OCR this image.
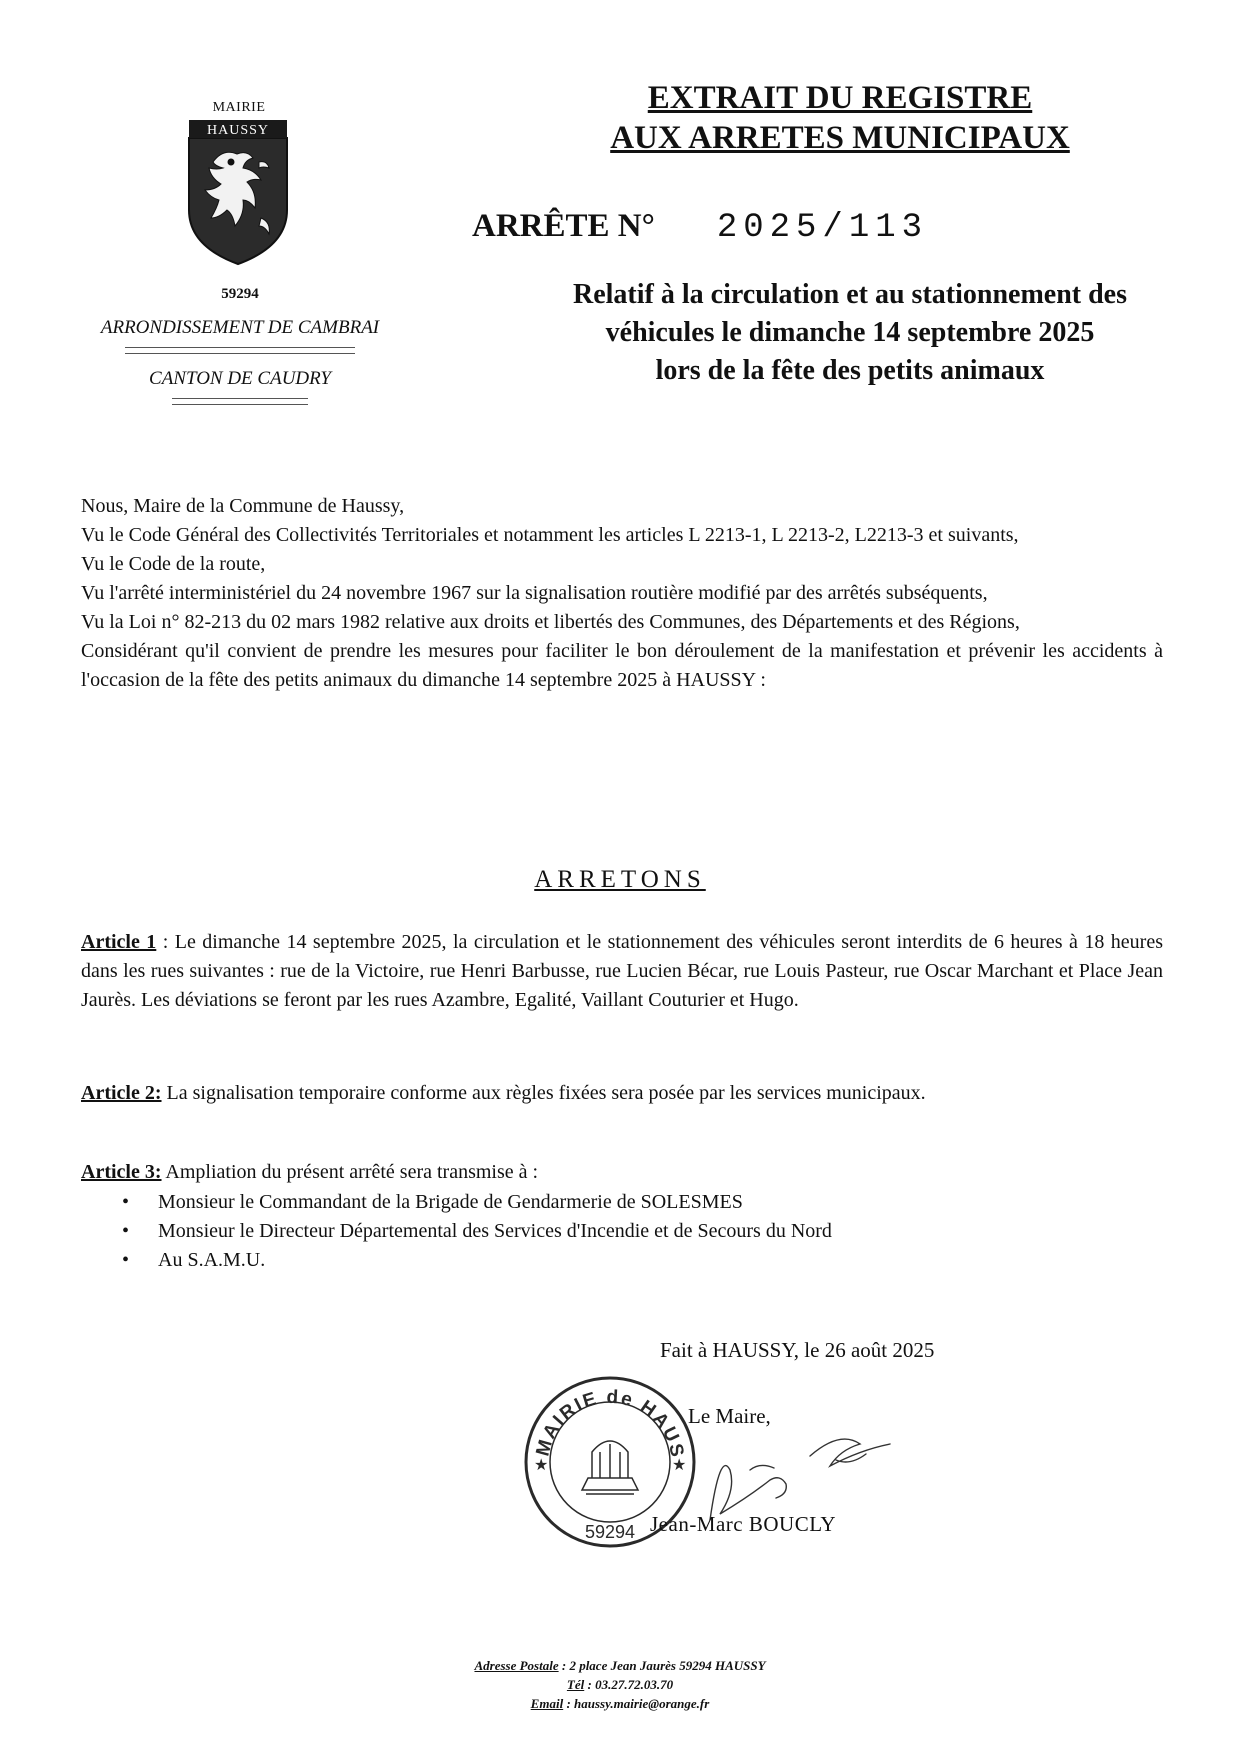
MAIRIE
HAUSSY
59294
ARRONDISSEMENT DE CAMBRAI
CANTON DE CAUDRY
EXTRAIT DU REGISTRE
AUX ARRETES MUNICIPAUX
ARRÊTE N° 2025/113
Relatif à la circulation et au stationnement des
véhicules le dimanche 14 septembre 2025
lors de la fête des petits animaux

Nous, Maire de la Commune de Haussy,

Vu le Code Général des Collectivités Territoriales et notamment les articles L 2213-1, L 2213-2, L2213-3 et suivants,

Vu le Code de la route,

Vu l'arrêté interministériel du 24 novembre 1967 sur la signalisation routière modifié par des arrêtés subséquents,

Vu la Loi n° 82-213 du 02 mars 1982 relative aux droits et libertés des Communes, des Départements et des Régions,

Considérant qu'il convient de prendre les mesures pour faciliter le bon déroulement de la manifestation et prévenir les accidents à l'occasion de la fête des petits animaux du dimanche 14 septembre 2025 à HAUSSY :

ARRETONS

Article 1 : Le dimanche 14 septembre 2025, la circulation et le stationnement des véhicules seront interdits de 6 heures à 18 heures dans les rues suivantes : rue de la Victoire, rue Henri Barbusse, rue Lucien Bécar, rue Louis Pasteur, rue Oscar Marchant et Place Jean Jaurès. Les déviations se feront par les rues Azambre, Egalité, Vaillant Couturier et Hugo.

Article 2: La signalisation temporaire conforme aux règles fixées sera posée par les services municipaux.

Article 3: Ampliation du présent arrêté sera transmise à :

• Monsieur le Commandant de la Brigade de Gendarmerie de SOLESMES
• Monsieur le Directeur Départemental des Services d'Incendie et de Secours du Nord
• Au S.A.M.U.
Fait à HAUSSY, le 26 août 2025
MAIRIE de HAUS
★	★
59294
Le Maire,
Jean-Marc BOUCLY
Adresse Postale : 2 place Jean Jaurès 59294 HAUSSY
Tél : 03.27.72.03.70
Email : haussy.mairie@orange.fr
